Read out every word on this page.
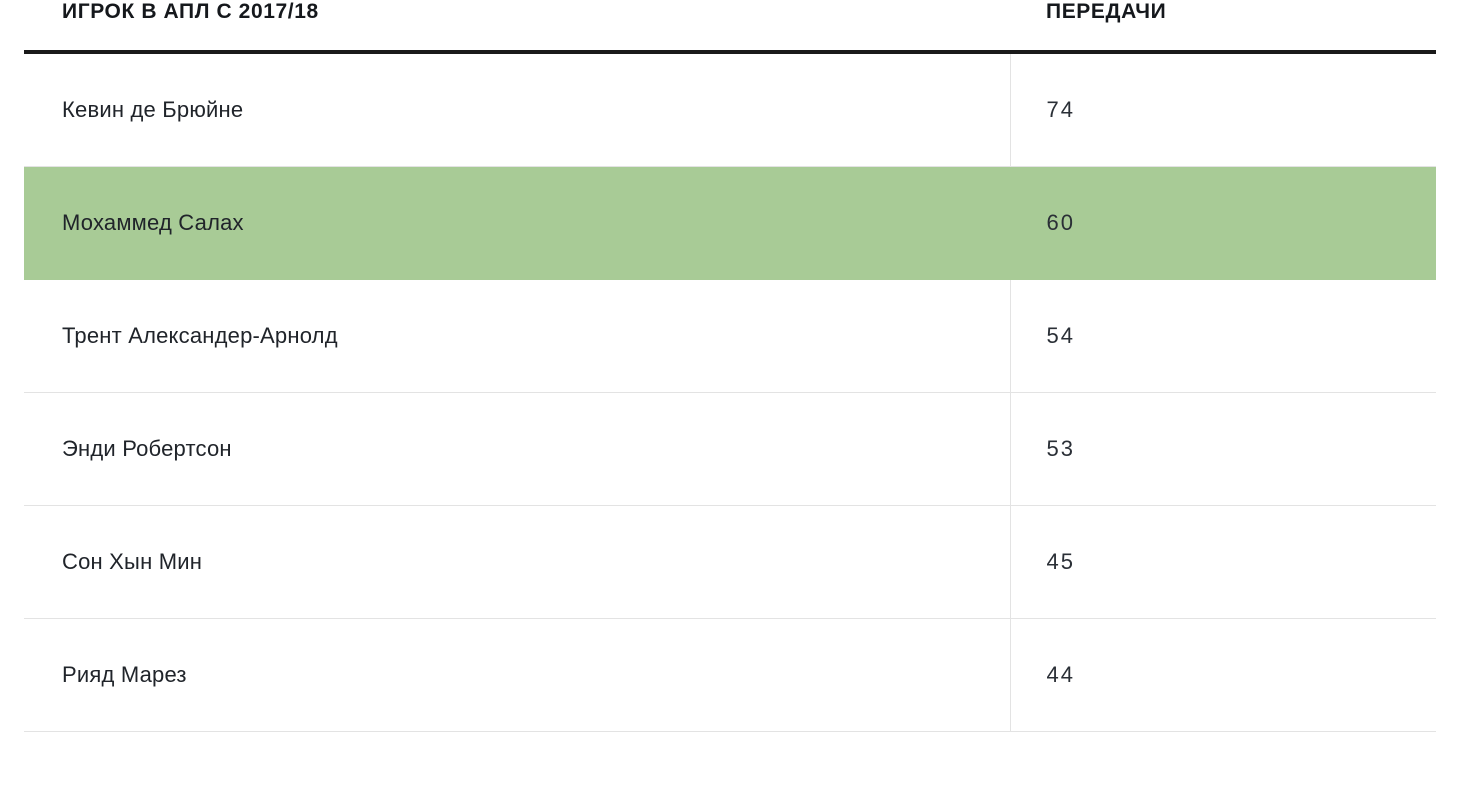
ИГРОК В АПЛ С 2017/18	ПЕРЕДАЧИ
Кевин де Брюйне	74
Мохаммед Салах	60
Трент Александер-Арнолд	54
Энди Робертсон	53
Сон Хын Мин	45
Рияд Марез	44
